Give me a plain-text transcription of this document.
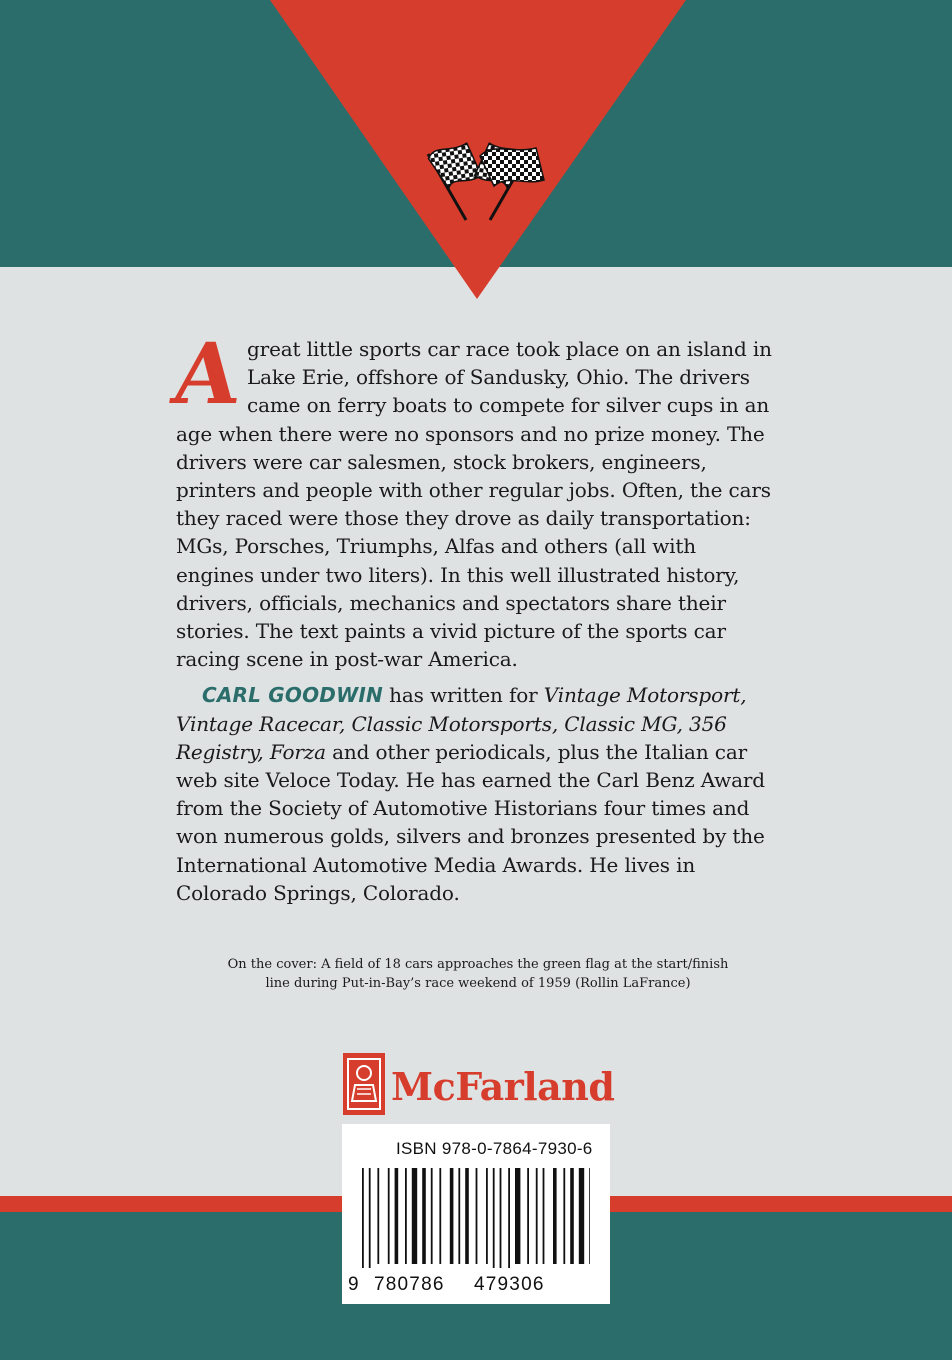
A great little sports car race took place on an island in Lake Erie, offshore of Sandusky, Ohio. The drivers came on ferry boats to compete for silver cups in an age when there were no sponsors and no prize money. The drivers were car salesmen, stock brokers, engineers, printers and people with other regular jobs. Often, the cars they raced were those they drove as daily transportation: MGs, Porsches, Triumphs, Alfas and others (all with engines under two liters). In this well illustrated history, drivers, officials, mechanics and spectators share their stories. The text paints a vivid picture of the sports car racing scene in post-war America.

CARL GOODWIN has written for Vintage Motorsport, Vintage Racecar, Classic Motorsports, Classic MG, 356 Registry, Forza and other periodicals, plus the Italian car web site Veloce Today. He has earned the Carl Benz Award from the Society of Automotive Historians four times and won numerous golds, silvers and bronzes presented by the International Automotive Media Awards. He lives in Colorado Springs, Colorado.

On the cover: A field of 18 cars approaches the green flag at the start/finish
line during Put-in-Bay’s race weekend of 1959 (Rollin LaFrance)
McFarland
ISBN 978-0-7864-7930-6
9 780786 479306
